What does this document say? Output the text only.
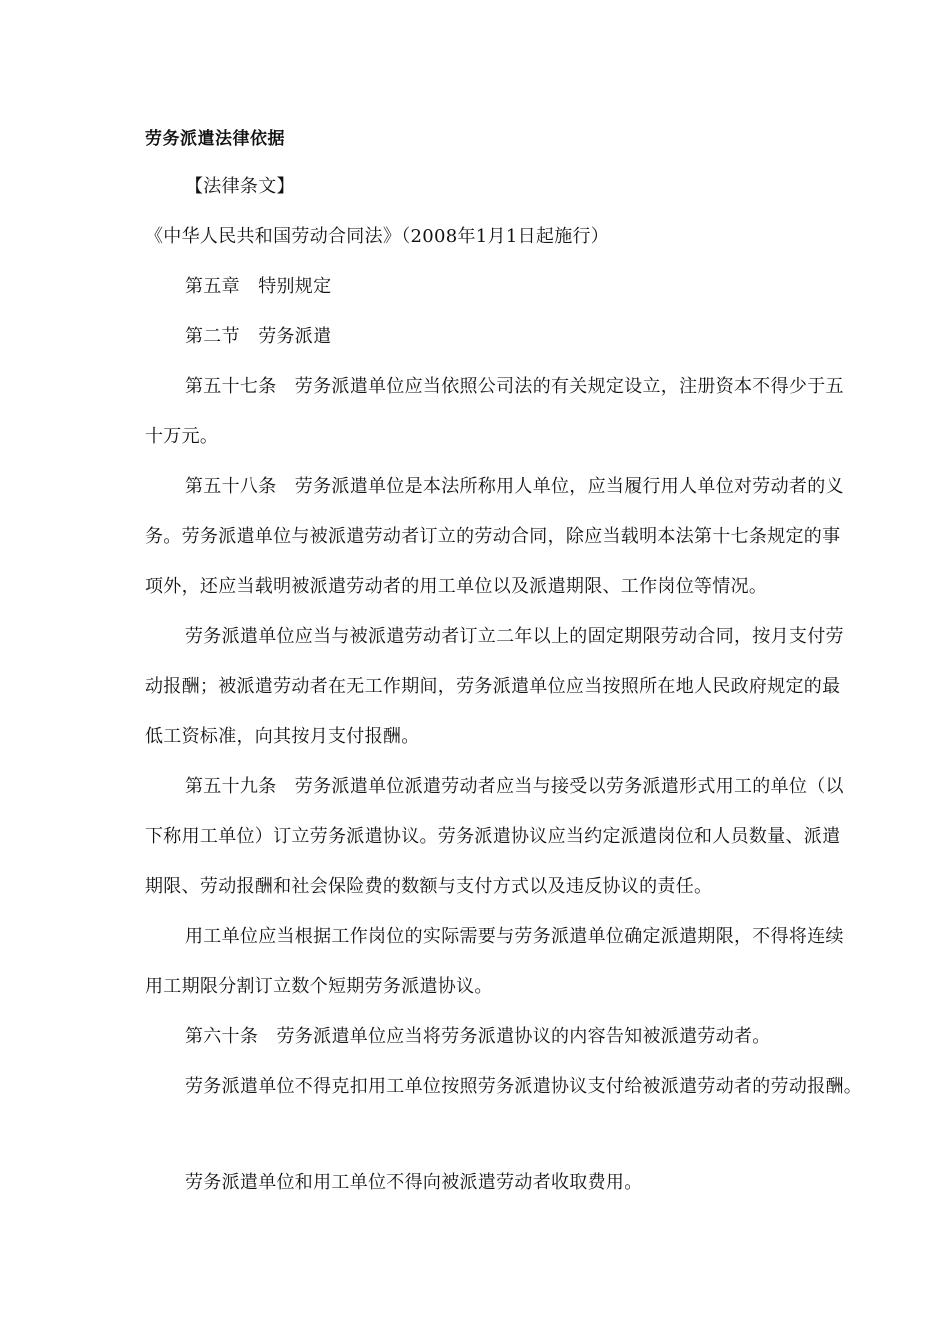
劳务派遣法律依据
【法律条文】
《中华人民共和国劳动合同法》（2008年1月1日起施行）
第五章　特别规定
第二节　劳务派遣
第五十七条　劳务派遣单位应当依照公司法的有关规定设立，注册资本不得少于五
十万元。
第五十八条　劳务派遣单位是本法所称用人单位，应当履行用人单位对劳动者的义
务。劳务派遣单位与被派遣劳动者订立的劳动合同，除应当载明本法第十七条规定的事
项外，还应当载明被派遣劳动者的用工单位以及派遣期限、工作岗位等情况。
劳务派遣单位应当与被派遣劳动者订立二年以上的固定期限劳动合同，按月支付劳
动报酬；被派遣劳动者在无工作期间，劳务派遣单位应当按照所在地人民政府规定的最
低工资标准，向其按月支付报酬。
第五十九条　劳务派遣单位派遣劳动者应当与接受以劳务派遣形式用工的单位（以
下称用工单位）订立劳务派遣协议。劳务派遣协议应当约定派遣岗位和人员数量、派遣
期限、劳动报酬和社会保险费的数额与支付方式以及违反协议的责任。
用工单位应当根据工作岗位的实际需要与劳务派遣单位确定派遣期限，不得将连续
用工期限分割订立数个短期劳务派遣协议。
第六十条　劳务派遣单位应当将劳务派遣协议的内容告知被派遣劳动者。
劳务派遣单位不得克扣用工单位按照劳务派遣协议支付给被派遣劳动者的劳动报酬。
劳务派遣单位和用工单位不得向被派遣劳动者收取费用。
